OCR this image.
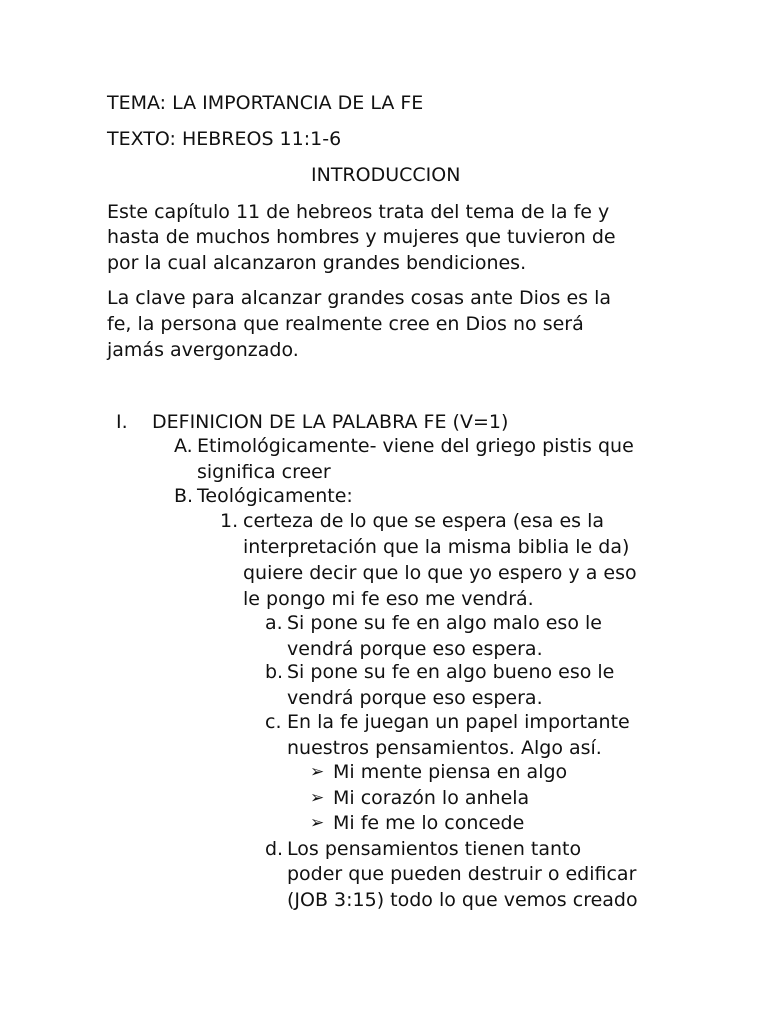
TEMA: LA IMPORTANCIA DE LA FE
TEXTO: HEBREOS 11:1-6
INTRODUCCION
Este capítulo 11 de hebreos trata del tema de la fe y
hasta de muchos hombres y mujeres que tuvieron de
por la cual alcanzaron grandes bendiciones.
La clave para alcanzar grandes cosas ante Dios es la
fe, la persona que realmente cree en Dios no será
jamás avergonzado.
I. DEFINICION DE LA PALABRA FE (V=1)
A. Etimológicamente- viene del griego pistis que
significa creer
B. Teológicamente:
1. certeza de lo que se espera (esa es la
interpretación que la misma biblia le da)
quiere decir que lo que yo espero y a eso
le pongo mi fe eso me vendrá.
a. Si pone su fe en algo malo eso le
vendrá porque eso espera.
b. Si pone su fe en algo bueno eso le
vendrá porque eso espera.
c. En la fe juegan un papel importante
nuestros pensamientos. Algo así.
➢ Mi mente piensa en algo
➢ Mi corazón lo anhela
➢ Mi fe me lo concede
d. Los pensamientos tienen tanto
poder que pueden destruir o edificar
(JOB 3:15) todo lo que vemos creado
